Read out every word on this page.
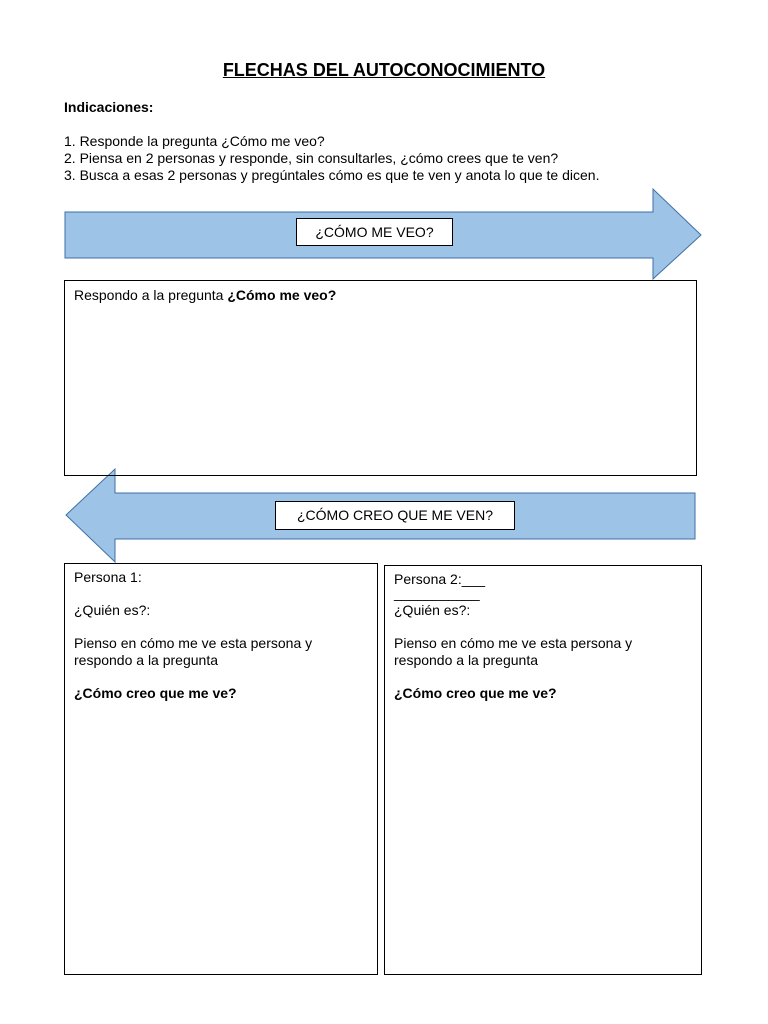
FLECHAS DEL AUTOCONOCIMIENTO
Indicaciones:
1. Responde la pregunta ¿Cómo me veo?
2. Piensa en 2 personas y responde, sin consultarles, ¿cómo crees que te ven?
3. Busca a esas 2 personas y pregúntales cómo es que te ven y anota lo que te dicen.
¿CÓMO ME VEO?

Respondo a la pregunta ¿Cómo me veo?

¿CÓMO CREO QUE ME VEN?

Persona 1:

¿Quién es?:

Pienso en cómo me ve esta persona y respondo a la pregunta

¿Cómo creo que me ve?

Persona 2:___

___________

¿Quién es?:

Pienso en cómo me ve esta persona y respondo a la pregunta

¿Cómo creo que me ve?
